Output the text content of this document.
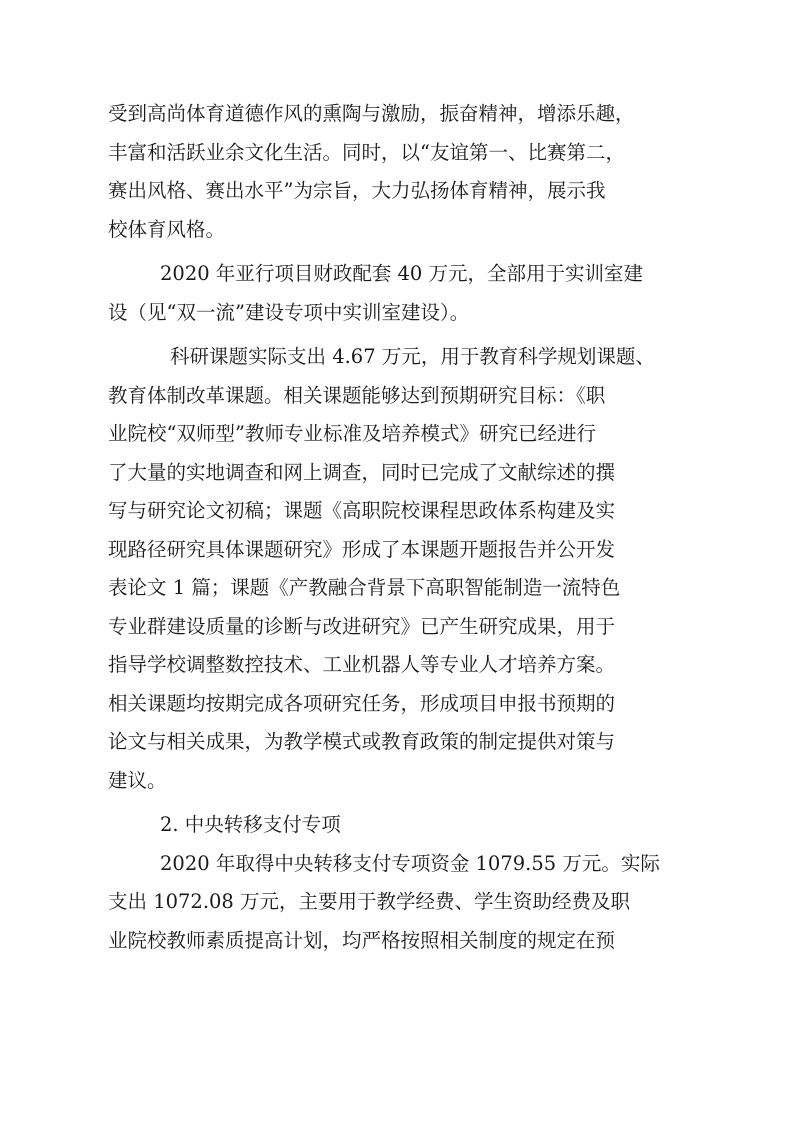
受到高尚体育道德作风的熏陶与激励，振奋精神，增添乐趣，
丰富和活跃业余文化生活。同时，以“友谊第一、比赛第二，
赛出风格、赛出水平”为宗旨，大力弘扬体育精神，展示我
校体育风格。
2020 年亚行项目财政配套 40 万元，全部用于实训室建
设（见“双一流”建设专项中实训室建设）。
科研课题实际支出 4.67 万元，用于教育科学规划课题、
教育体制改革课题。相关课题能够达到预期研究目标：《职
业院校“双师型”教师专业标准及培养模式》研究已经进行
了大量的实地调查和网上调查，同时已完成了文献综述的撰
写与研究论文初稿；课题《高职院校课程思政体系构建及实
现路径研究具体课题研究》形成了本课题开题报告并公开发
表论文 1 篇；课题《产教融合背景下高职智能制造一流特色
专业群建设质量的诊断与改进研究》已产生研究成果，用于
指导学校调整数控技术、工业机器人等专业人才培养方案。
相关课题均按期完成各项研究任务，形成项目申报书预期的
论文与相关成果，为教学模式或教育政策的制定提供对策与
建议。
2. 中央转移支付专项
2020 年取得中央转移支付专项资金 1079.55 万元。实际
支出 1072.08 万元，主要用于教学经费、学生资助经费及职
业院校教师素质提高计划，均严格按照相关制度的规定在预
